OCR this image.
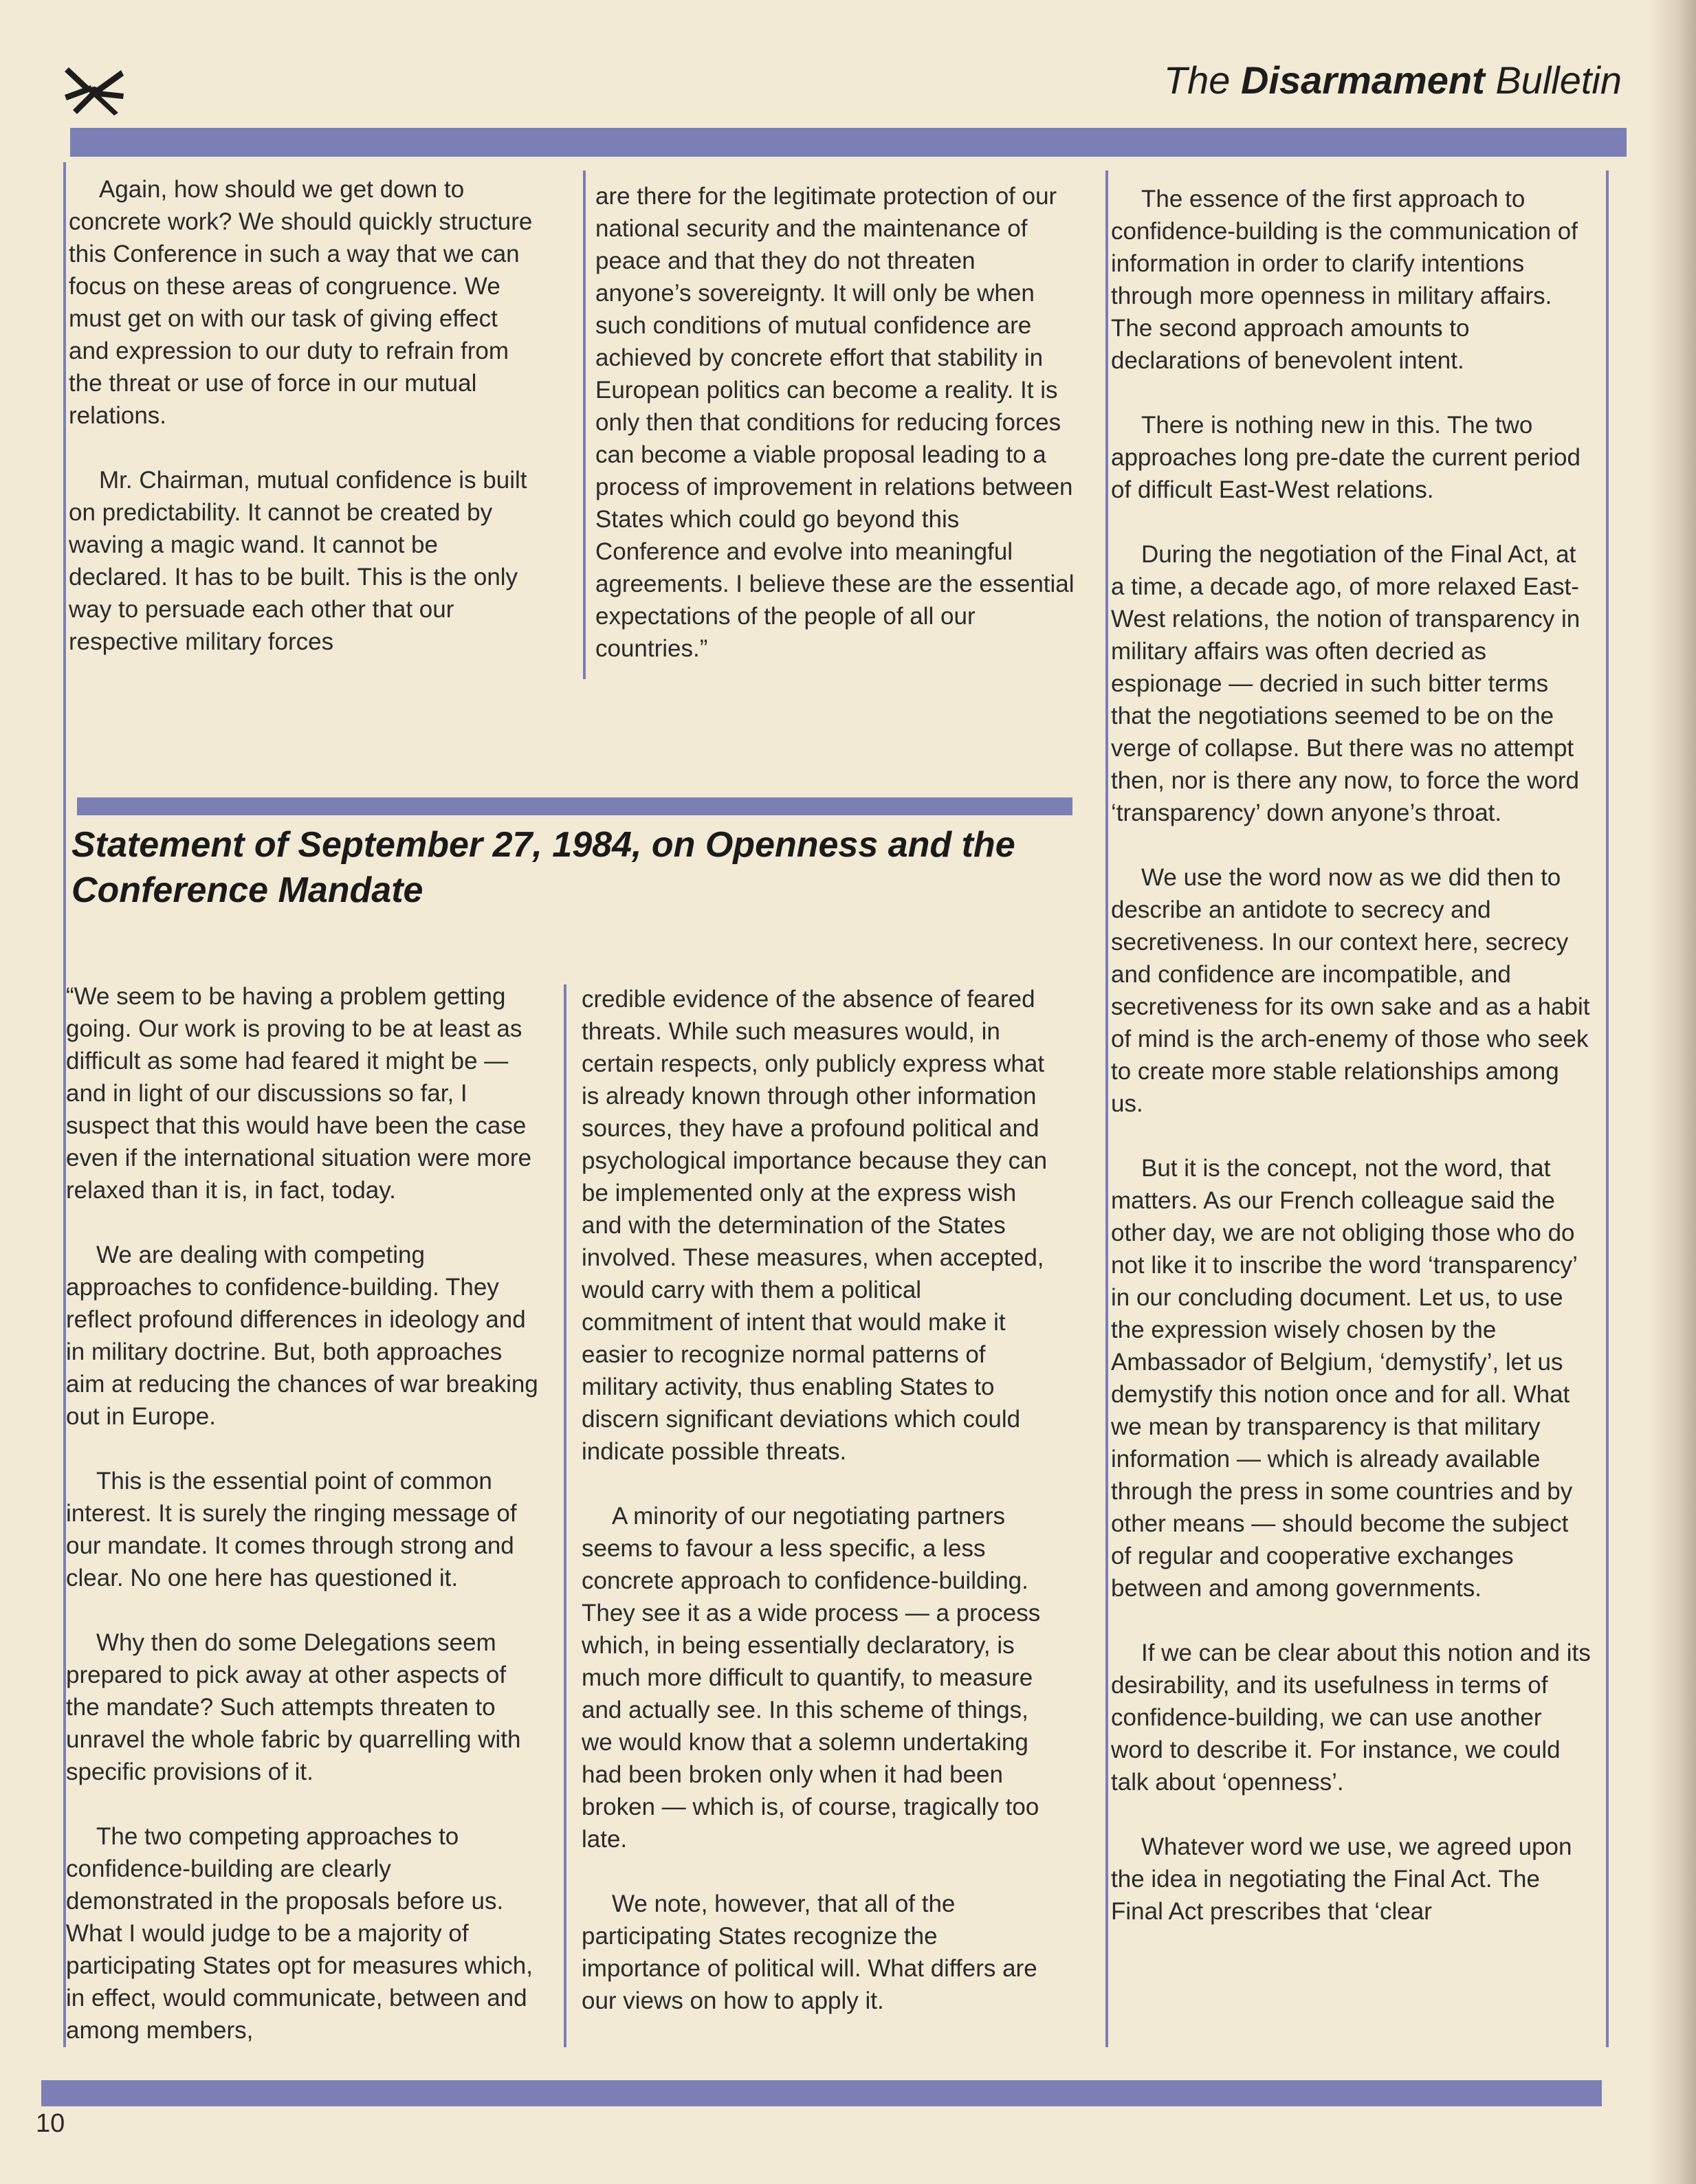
The Disarmament Bulletin

Again, how should we get down to concrete work? We should quickly structure this Conference in such a way that we can focus on these areas of congruence. We must get on with our task of giving effect and expression to our duty to refrain from the threat or use of force in our mutual relations.

Mr. Chairman, mutual confidence is built on predictability. It cannot be created by waving a magic wand. It cannot be declared. It has to be built. This is the only way to persuade each other that our respective military forces

are there for the legitimate protection of our national security and the maintenance of peace and that they do not threaten anyone’s sovereignty. It will only be when such conditions of mutual confidence are achieved by concrete effort that stability in European politics can become a reality. It is only then that conditions for reducing forces can become a viable proposal leading to a process of improvement in relations between States which could go beyond this Conference and evolve into meaningful agreements. I believe these are the essential expectations of the people of all our countries.”

Statement of September 27, 1984, on Openness and the Conference Mandate

“We seem to be having a problem getting going. Our work is proving to be at least as difficult as some had feared it might be — and in light of our discussions so far, I suspect that this would have been the case even if the international situation were more relaxed than it is, in fact, today.

We are dealing with competing approaches to confidence-building. They reflect profound differences in ideology and in military doctrine. But, both approaches aim at reducing the chances of war breaking out in Europe.

This is the essential point of common interest. It is surely the ringing message of our mandate. It comes through strong and clear. No one here has questioned it.

Why then do some Delegations seem prepared to pick away at other aspects of the mandate? Such attempts threaten to unravel the whole fabric by quarrelling with specific provisions of it.

The two competing approaches to confidence-building are clearly demonstrated in the proposals before us. What I would judge to be a majority of participating States opt for measures which, in effect, would communicate, between and among members,

credible evidence of the absence of feared threats. While such measures would, in certain respects, only publicly express what is already known through other information sources, they have a profound political and psychological importance because they can be implemented only at the express wish and with the determination of the States involved. These measures, when accepted, would carry with them a political commitment of intent that would make it easier to recognize normal patterns of military activity, thus enabling States to discern significant deviations which could indicate possible threats.

A minority of our negotiating partners seems to favour a less specific, a less concrete approach to confidence-building. They see it as a wide process — a process which, in being essentially declaratory, is much more difficult to quantify, to measure and actually see. In this scheme of things, we would know that a solemn undertaking had been broken only when it had been broken — which is, of course, tragically too late.

We note, however, that all of the participating States recognize the importance of political will. What differs are our views on how to apply it.

The essence of the first approach to confidence-building is the communication of information in order to clarify intentions through more openness in military affairs. The second approach amounts to declarations of benevolent intent.

There is nothing new in this. The two approaches long pre-date the current period of difficult East-West relations.

During the negotiation of the Final Act, at a time, a decade ago, of more relaxed East-West relations, the notion of transparency in military affairs was often decried as espionage — decried in such bitter terms that the negotiations seemed to be on the verge of collapse. But there was no attempt then, nor is there any now, to force the word ‘transparency’ down anyone’s throat.

We use the word now as we did then to describe an antidote to secrecy and secretiveness. In our context here, secrecy and confidence are incompatible, and secretiveness for its own sake and as a habit of mind is the arch-enemy of those who seek to create more stable relationships among us.

But it is the concept, not the word, that matters. As our French colleague said the other day, we are not obliging those who do not like it to inscribe the word ‘transparency’ in our concluding document. Let us, to use the expression wisely chosen by the Ambassador of Belgium, ‘demystify’, let us demystify this notion once and for all. What we mean by transparency is that military information — which is already available through the press in some countries and by other means — should become the subject of regular and cooperative exchanges between and among governments.

If we can be clear about this notion and its desirability, and its usefulness in terms of confidence-building, we can use another word to describe it. For instance, we could talk about ‘openness’.

Whatever word we use, we agreed upon the idea in negotiating the Final Act. The Final Act prescribes that ‘clear

10
